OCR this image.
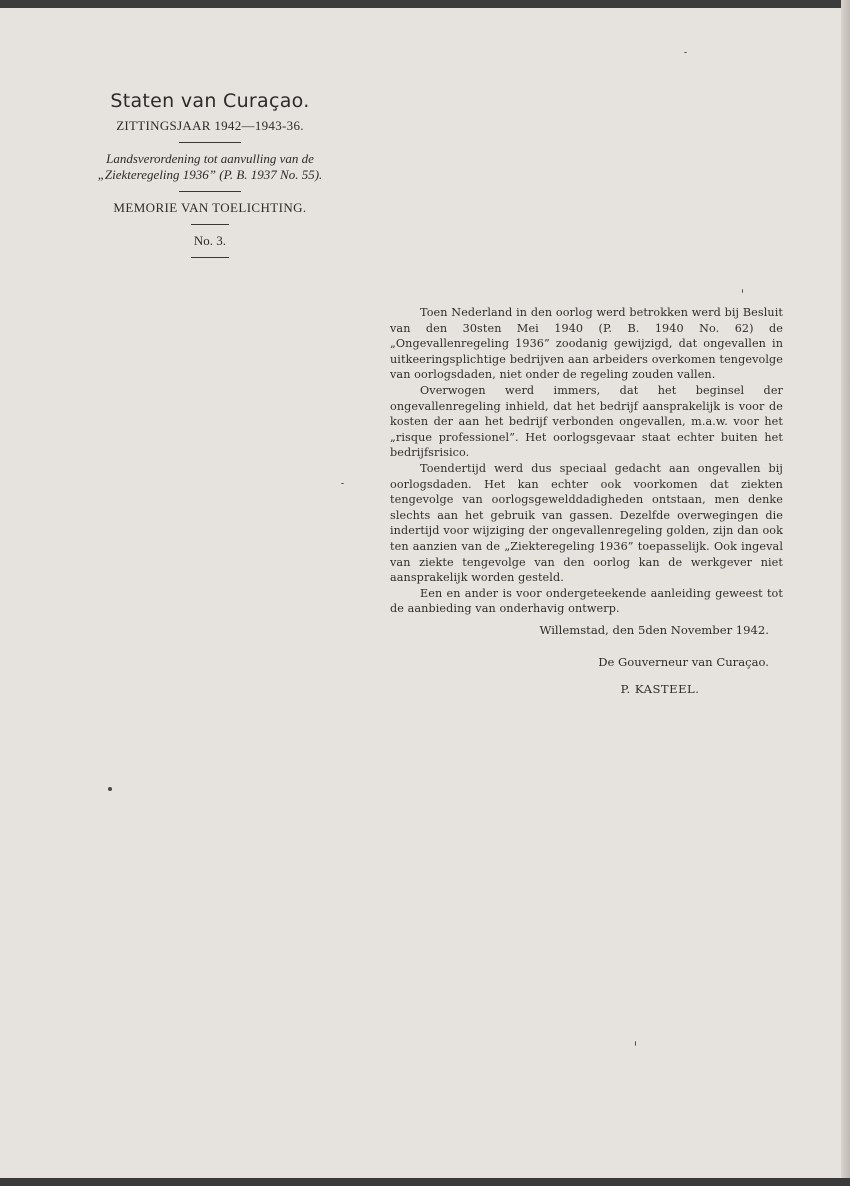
Staten van Curaçao.
ZITTINGSJAAR 1942—1943-36.
Landsverordening tot aanvulling van de
„Ziekteregeling 1936” (P. B. 1937 No. 55).
MEMORIE VAN TOELICHTING.
No. 3.

Toen Nederland in den oorlog werd betrokken werd bij Besluit van den 30sten Mei 1940 (P. B. 1940 No. 62) de „Ongevallenregeling 1936” zoodanig gewijzigd, dat ongevallen in uitkeeringsplichtige bedrijven aan arbeiders overkomen tengevolge van oorlogsdaden, niet onder de regeling zouden vallen.

Overwogen werd immers, dat het beginsel der ongevallenregeling inhield, dat het bedrijf aansprakelijk is voor de kosten der aan het bedrijf verbonden ongevallen, m.a.w. voor het „risque professionel”. Het oorlogsgevaar staat echter buiten het bedrijfsrisico.

Toendertijd werd dus speciaal gedacht aan ongevallen bij oorlogsdaden. Het kan echter ook voorkomen dat ziekten tengevolge van oorlogsgewelddadigheden ontstaan, men denke slechts aan het gebruik van gassen. Dezelfde overwegingen die indertijd voor wijziging der ongevallenregeling golden, zijn dan ook ten aanzien van de „Ziekteregeling 1936” toepasselijk. Ook ingeval van ziekte tengevolge van den oorlog kan de werkgever niet aansprakelijk worden gesteld.

Een en ander is voor ondergeteekende aanleiding geweest tot de aanbieding van onderhavig ontwerp.

Willemstad, den 5den November 1942.
De Gouverneur van Curaçao.
P. KASTEEL.
